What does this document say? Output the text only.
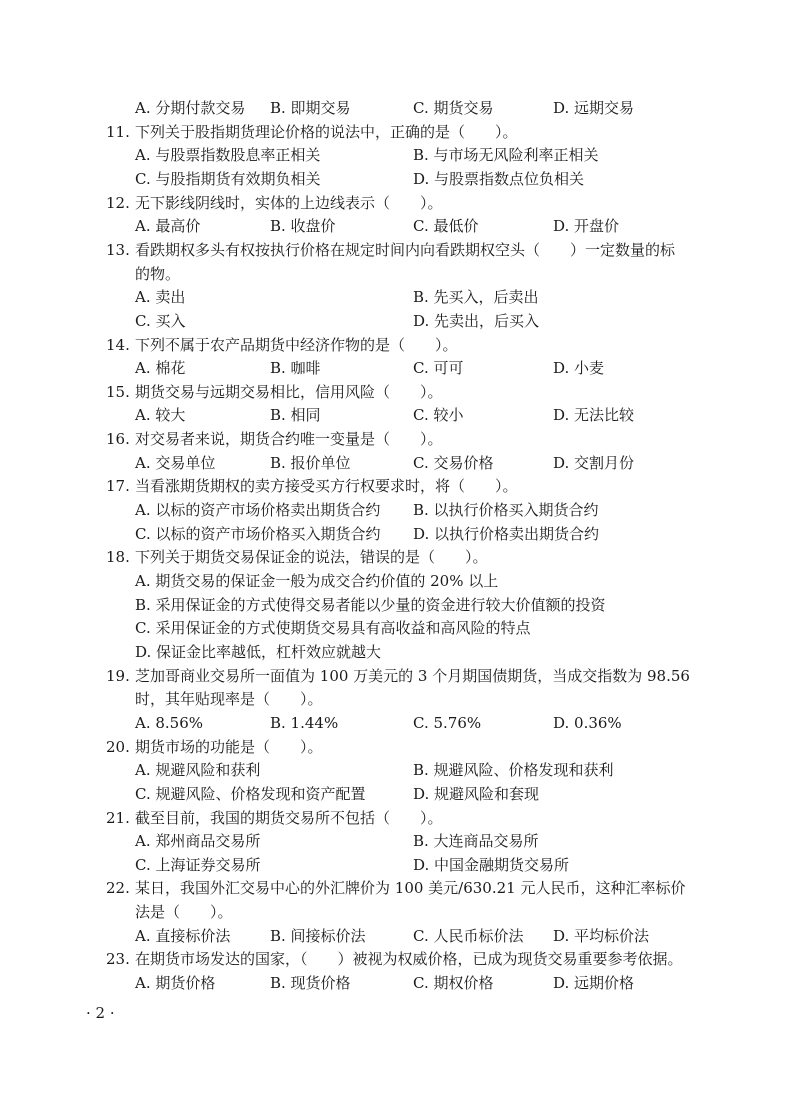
A. 分期付款交易 B. 即期交易	C. 期货交易	D. 远期交易
11. 下列关于股指期货理论价格的说法中，正确的是（　　）。
A. 与股票指数股息率正相关	B. 与市场无风险利率正相关
C. 与股指期货有效期负相关	D. 与股票指数点位负相关
12. 无下影线阴线时，实体的上边线表示（　　）。
A. 最高价	B. 收盘价	C. 最低价	D. 开盘价
13. 看跌期权多头有权按执行价格在规定时间内向看跌期权空头（　　）一定数量的标
的物。
A. 卖出	B. 先买入，后卖出
C. 买入	D. 先卖出，后买入
14. 下列不属于农产品期货中经济作物的是（　　）。
A. 棉花	B. 咖啡	C. 可可	D. 小麦
15. 期货交易与远期交易相比，信用风险（　　）。
A. 较大	B. 相同	C. 较小	D. 无法比较
16. 对交易者来说，期货合约唯一变量是（　　）。
A. 交易单位	B. 报价单位	C. 交易价格	D. 交割月份
17. 当看涨期货期权的卖方接受买方行权要求时，将（　　）。
A. 以标的资产市场价格卖出期货合约 B. 以执行价格买入期货合约
C. 以标的资产市场价格买入期货合约 D. 以执行价格卖出期货合约
18. 下列关于期货交易保证金的说法，错误的是（　　）。
A. 期货交易的保证金一般为成交合约价值的 20% 以上
B. 采用保证金的方式使得交易者能以少量的资金进行较大价值额的投资
C. 采用保证金的方式使期货交易具有高收益和高风险的特点
D. 保证金比率越低，杠杆效应就越大
19. 芝加哥商业交易所一面值为 100 万美元的 3 个月期国债期货，当成交指数为 98.56
时，其年贴现率是（　　）。
A. 8.56%	B. 1.44%	C. 5.76%	D. 0.36%
20. 期货市场的功能是（　　）。
A. 规避风险和获利	B. 规避风险、价格发现和获利
C. 规避风险、价格发现和资产配置	D. 规避风险和套现
21. 截至目前，我国的期货交易所不包括（　　）。
A. 郑州商品交易所	B. 大连商品交易所
C. 上海证券交易所	D. 中国金融期货交易所
22. 某日，我国外汇交易中心的外汇牌价为 100 美元/630.21 元人民币，这种汇率标价
法是（　　）。
A. 直接标价法	B. 间接标价法	C. 人民币标价法 D. 平均标价法
23. 在期货市场发达的国家，（　　）被视为权威价格，已成为现货交易重要参考依据。
A. 期货价格	B. 现货价格	C. 期权价格	D. 远期价格
· 2 ·
